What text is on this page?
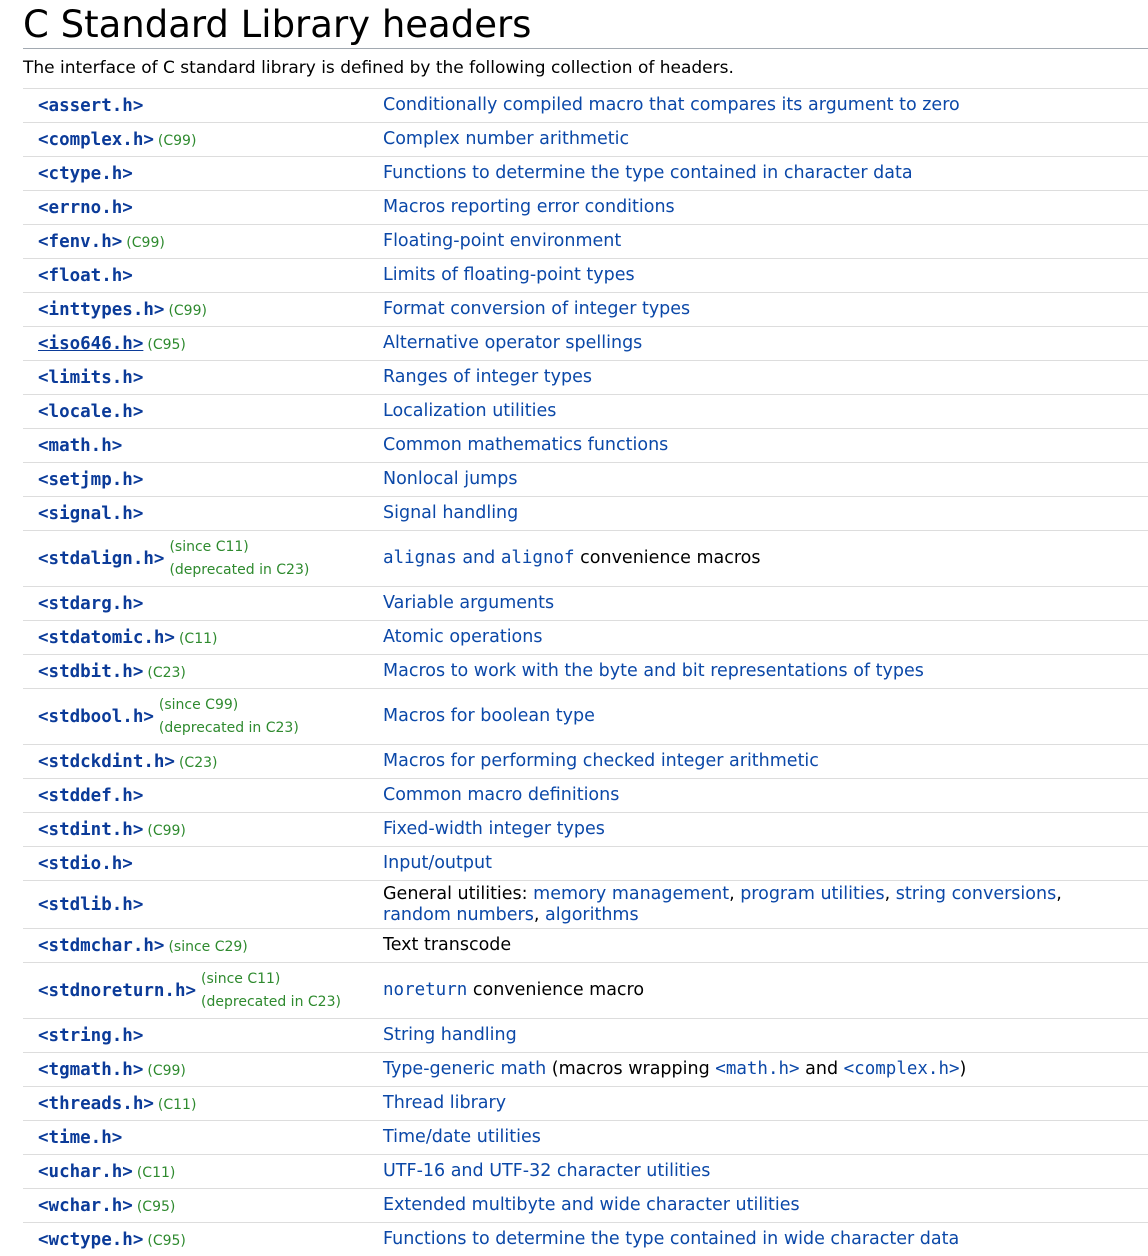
C Standard Library headers

The interface of C standard library is defined by the following collection of headers.

<assert.h>	Conditionally compiled macro that compares its argument to zero
<complex.h> (C99)	Complex number arithmetic
<ctype.h>	Functions to determine the type contained in character data
<errno.h>	Macros reporting error conditions
<fenv.h> (C99)	Floating-point environment
<float.h>	Limits of floating-point types
<inttypes.h> (C99)	Format conversion of integer types
<iso646.h> (C95)	Alternative operator spellings
<limits.h>	Ranges of integer types
<locale.h>	Localization utilities
<math.h>	Common mathematics functions
<setjmp.h>	Nonlocal jumps
<signal.h>	Signal handling
<stdalign.h>
(since C11)
(deprecated in C23)	alignas and alignof convenience macros
<stdarg.h>	Variable arguments
<stdatomic.h> (C11)	Atomic operations
<stdbit.h> (C23)	Macros to work with the byte and bit representations of types
<stdbool.h>
(since C99)
(deprecated in C23)	Macros for boolean type
<stdckdint.h> (C23)	Macros for performing checked integer arithmetic
<stddef.h>	Common macro definitions
<stdint.h> (C99)	Fixed-width integer types
<stdio.h>	Input/output
<stdlib.h>	General utilities: memory management, program utilities, string conversions,
random numbers, algorithms
<stdmchar.h> (since C29)	Text transcode
<stdnoreturn.h>
(since C11)
(deprecated in C23)	noreturn convenience macro
<string.h>	String handling
<tgmath.h> (C99)	Type-generic math (macros wrapping <math.h> and <complex.h>)
<threads.h> (C11)	Thread library
<time.h>	Time/date utilities
<uchar.h> (C11)	UTF-16 and UTF-32 character utilities
<wchar.h> (C95)	Extended multibyte and wide character utilities
<wctype.h> (C95)	Functions to determine the type contained in wide character data
